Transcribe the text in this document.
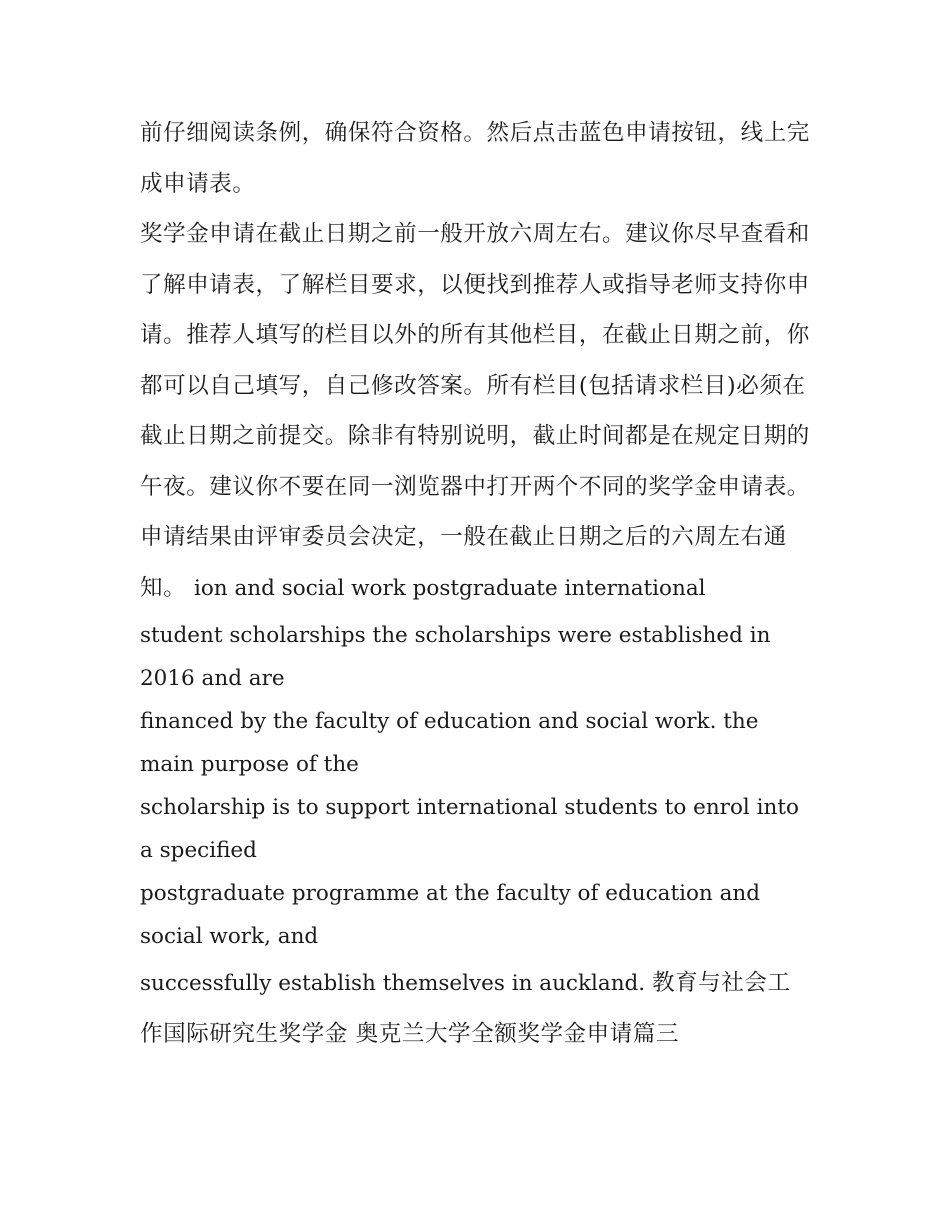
前仔细阅读条例，确保符合资格。然后点击蓝色申请按钮，线上完成申请表。

奖学金申请在截止日期之前一般开放六周左右。建议你尽早查看和了解申请表，了解栏目要求，以便找到推荐人或指导老师支持你申请。推荐人填写的栏目以外的所有其他栏目，在截止日期之前，你都可以自己填写，自己修改答案。所有栏目(包括请求栏目)必须在截止日期之前提交。除非有特别说明，截止时间都是在规定日期的午夜。建议你不要在同一浏览器中打开两个不同的奖学金申请表。

申请结果由评审委员会决定，一般在截止日期之后的六周左右通知。 ion and social work postgraduate international

student scholarships the scholarships were established in 2016 and are
financed by the faculty of education and social work. the main purpose of the
scholarship is to support international students to enrol into a specified
postgraduate programme at the faculty of education and social work, and

successfully establish themselves in auckland. 教育与社会工作国际研究生奖学金 奥克兰大学全额奖学金申请篇三
